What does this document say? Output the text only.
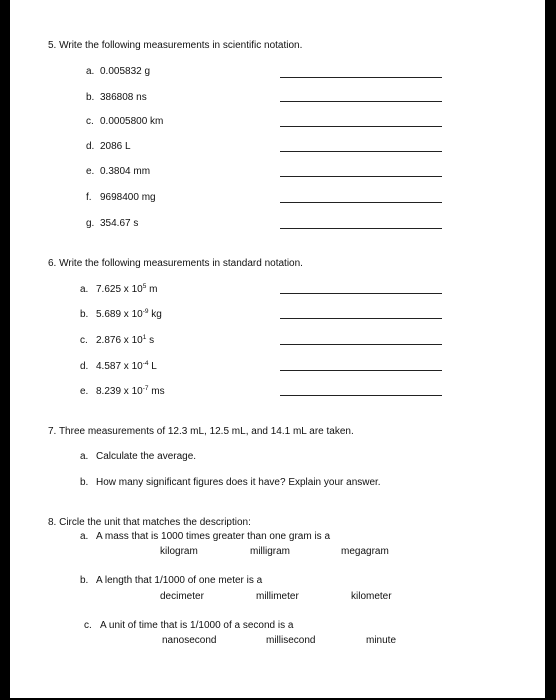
5. Write the following measurements in scientific notation.
a. 0.005832 g
b. 386808 ns
c. 0.0005800 km
d. 2086 L
e. 0.3804 mm
f. 9698400 mg
g. 354.67 s
6. Write the following measurements in standard notation.
a. 7.625 x $10^5$ m
b. 5.689 x $10^{-9}$ kg
c. 2.876 x $10^1$ s
d. 4.587 x $10^{-4}$ L
e. 8.239 x $10^{-7}$ ms
7. Three measurements of 12.3 mL, 12.5 mL, and 14.1 mL are taken.
a. Calculate the average.
b. How many significant figures does it have? Explain your answer.
8. Circle the unit that matches the description:
a. A mass that is 1000 times greater than one gram is a
kilogram	milligram	megagram
b. A length that 1/1000 of one meter is a
decimeter	millimeter	kilometer
c. A unit of time that is 1/1000 of a second is a
nanosecond	millisecond	minute
